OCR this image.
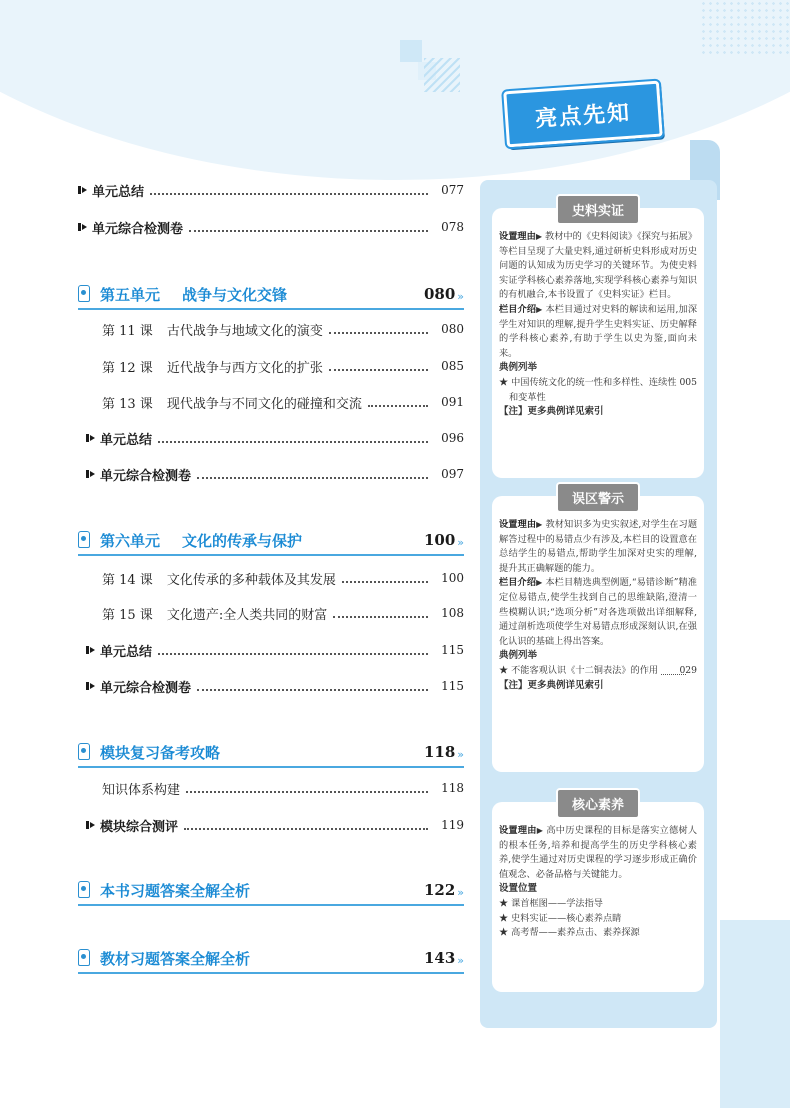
单元总结	077
单元综合检测卷	078
第五单元 战争与文化交锋	080 »
第 11 课 古代战争与地域文化的演变	080
第 12 课 近代战争与西方文化的扩张	085
第 13 课 现代战争与不同文化的碰撞和交流	091
单元总结	096
单元综合检测卷	097
第六单元 文化的传承与保护	100 »
第 14 课 文化传承的多种载体及其发展	100
第 15 课 文化遗产:全人类共同的财富	108
单元总结	115
单元综合检测卷	115
模块复习备考攻略	118 »
知识体系构建	118
模块综合测评	119
本书习题答案全解全析	122 »
教材习题答案全解全析	143 »
亮点先知
史料实证

设置理由▶ 教材中的《史料阅读》《探究与拓展》等栏目呈现了大量史料,通过研析史料形成对历史问题的认知成为历史学习的关键环节。为使史料实证学科核心素养落地,实现学科核心素养与知识的有机融合,本书设置了《史料实证》栏目。

栏目介绍▶ 本栏目通过对史料的解读和运用,加深学生对知识的理解,提升学生史料实证、历史解释的学科核心素养,有助于学生以史为鉴,面向未来。

典例列举

★ 中国传统文化的统一性和多样性、连续性和变革性
005

【注】更多典例详见索引

误区警示

设置理由▶ 教材知识多为史实叙述,对学生在习题解答过程中的易错点少有涉及,本栏目的设置意在总结学生的易错点,帮助学生加深对史实的理解,提升其正确解题的能力。

栏目介绍▶ 本栏目精选典型例题,“易错诊断”精准定位易错点,使学生找到自己的思维缺陷,澄清一些模糊认识;“选项分析”对各选项做出详细解释,通过剖析选项使学生对易错点形成深刻认识,在强化认识的基础上得出答案。

典例列举

★ 不能客观认识《十二铜表法》的作用 029

【注】更多典例详见索引

核心素养

设置理由▶ 高中历史课程的目标是落实立德树人的根本任务,培养和提高学生的历史学科核心素养,使学生通过对历史课程的学习逐步形成正确价值观念、必备品格与关键能力。

设置位置

★ 课首框图——学法指导

★ 史料实证——核心素养点睛

★ 高考帮——素养点击、素养探源
